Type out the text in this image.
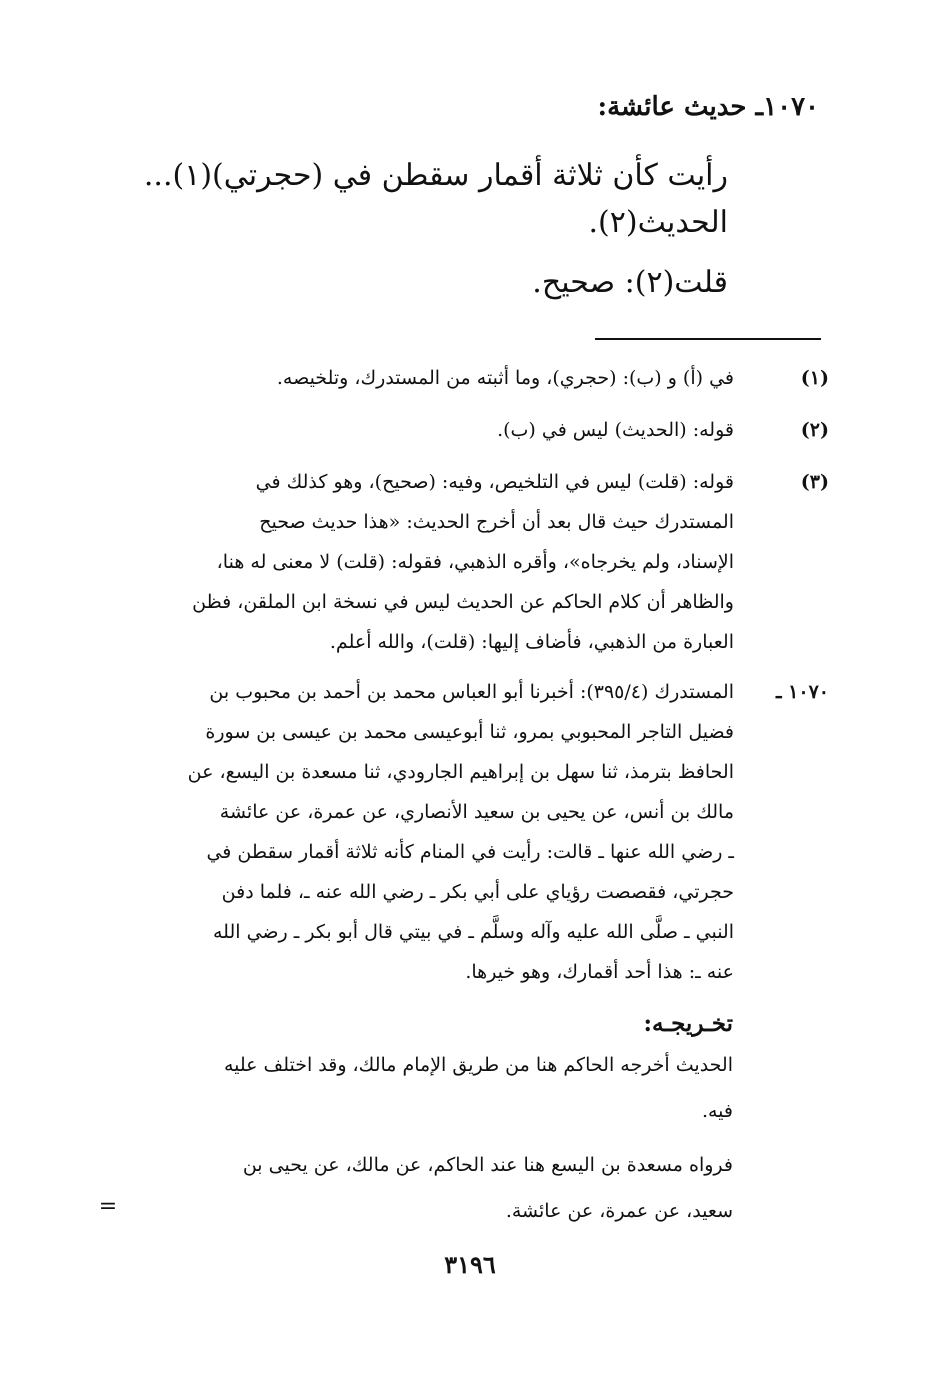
١٠٧٠ـ حديث عائشة:
رأيت كأن ثلاثة أقمار سقطن في (حجرتي)(١)...
الحديث(٢).
قلت(٢): صحيح.
(١)
في (أ) و (ب): (حجري)، وما أثبته من المستدرك، وتلخيصه.
(٢)
قوله: (الحديث) ليس في (ب).
(٣)
قوله: (قلت) ليس في التلخيص، وفيه: (صحيح)، وهو كذلك في
المستدرك حيث قال بعد أن أخرج الحديث: «هذا حديث صحيح
الإسناد، ولم يخرجاه»، وأقره الذهبي، فقوله: (قلت) لا معنى له هنا،
والظاهر أن كلام الحاكم عن الحديث ليس في نسخة ابن الملقن، فظن
العبارة من الذهبي، فأضاف إليها: (قلت)، والله أعلم.
١٠٧٠ ـ
المستدرك (٣٩٥/٤): أخبرنا أبو العباس محمد بن أحمد بن محبوب بن
فضيل التاجر المحبوبي بمرو، ثنا أبوعيسى محمد بن عيسى بن سورة
الحافظ بترمذ، ثنا سهل بن إبراهيم الجارودي، ثنا مسعدة بن اليسع، عن
مالك بن أنس، عن يحيى بن سعيد الأنصاري، عن عمرة، عن عائشة
ـ رضي الله عنها ـ قالت: رأيت في المنام كأنه ثلاثة أقمار سقطن في
حجرتي، فقصصت رؤياي على أبي بكر ـ رضي الله عنه ـ، فلما دفن
النبي ـ صلَّى الله عليه وآله وسلَّم ـ في بيتي قال أبو بكر ـ رضي الله
عنه ـ: هذا أحد أقمارك، وهو خيرها.
تخـريجـه:
الحديث أخرجه الحاكم هنا من طريق الإمام مالك، وقد اختلف عليه
فيه.
فرواه مسعدة بن اليسع هنا عند الحاكم، عن مالك، عن يحيى بن
سعيد، عن عمرة، عن عائشة.
=
٣١٩٦
